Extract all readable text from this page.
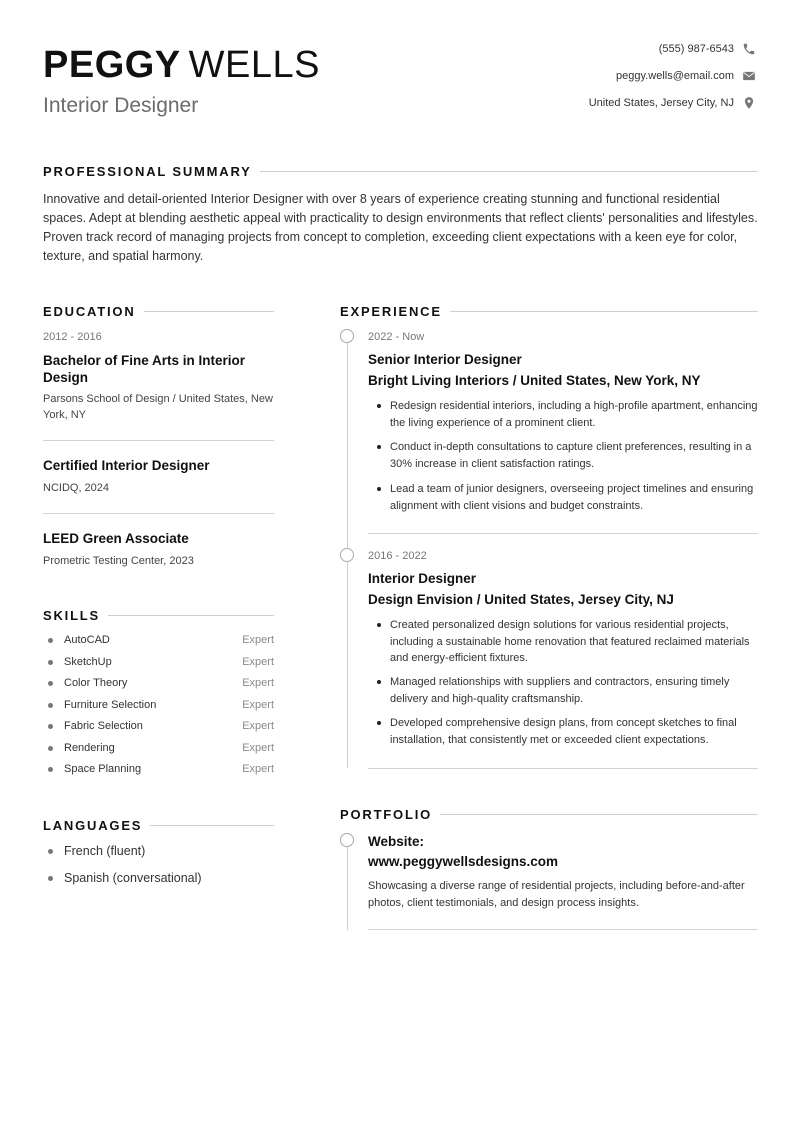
PEGGY WELLS
Interior Designer
(555) 987-6543
peggy.wells@email.com
United States, Jersey City, NJ
PROFESSIONAL SUMMARY
Innovative and detail-oriented Interior Designer with over 8 years of experience creating stunning and functional residential spaces. Adept at blending aesthetic appeal with practicality to design environments that reflect clients' personalities and lifestyles. Proven track record of managing projects from concept to completion, exceeding client expectations with a keen eye for color, texture, and spatial harmony.
EDUCATION
2012 - 2016
Bachelor of Fine Arts in Interior Design
Parsons School of Design / United States, New York, NY
Certified Interior Designer
NCIDQ, 2024
LEED Green Associate
Prometric Testing Center, 2023
SKILLS
AutoCAD	Expert
SketchUp	Expert
Color Theory	Expert
Furniture Selection	Expert
Fabric Selection	Expert
Rendering	Expert
Space Planning	Expert
LANGUAGES
French (fluent)
Spanish (conversational)
EXPERIENCE
2022 - Now
Senior Interior Designer
Bright Living Interiors / United States, New York, NY
Redesign residential interiors, including a high-profile apartment, enhancing the living experience of a prominent client.
Conduct in-depth consultations to capture client preferences, resulting in a 30% increase in client satisfaction ratings.
Lead a team of junior designers, overseeing project timelines and ensuring alignment with client visions and budget constraints.
2016 - 2022
Interior Designer
Design Envision / United States, Jersey City, NJ
Created personalized design solutions for various residential projects, including a sustainable home renovation that featured reclaimed materials and energy-efficient fixtures.
Managed relationships with suppliers and contractors, ensuring timely delivery and high-quality craftsmanship.
Developed comprehensive design plans, from concept sketches to final installation, that consistently met or exceeded client expectations.
PORTFOLIO
Website:
www.peggywellsdesigns.com
Showcasing a diverse range of residential projects, including before-and-after photos, client testimonials, and design process insights.
